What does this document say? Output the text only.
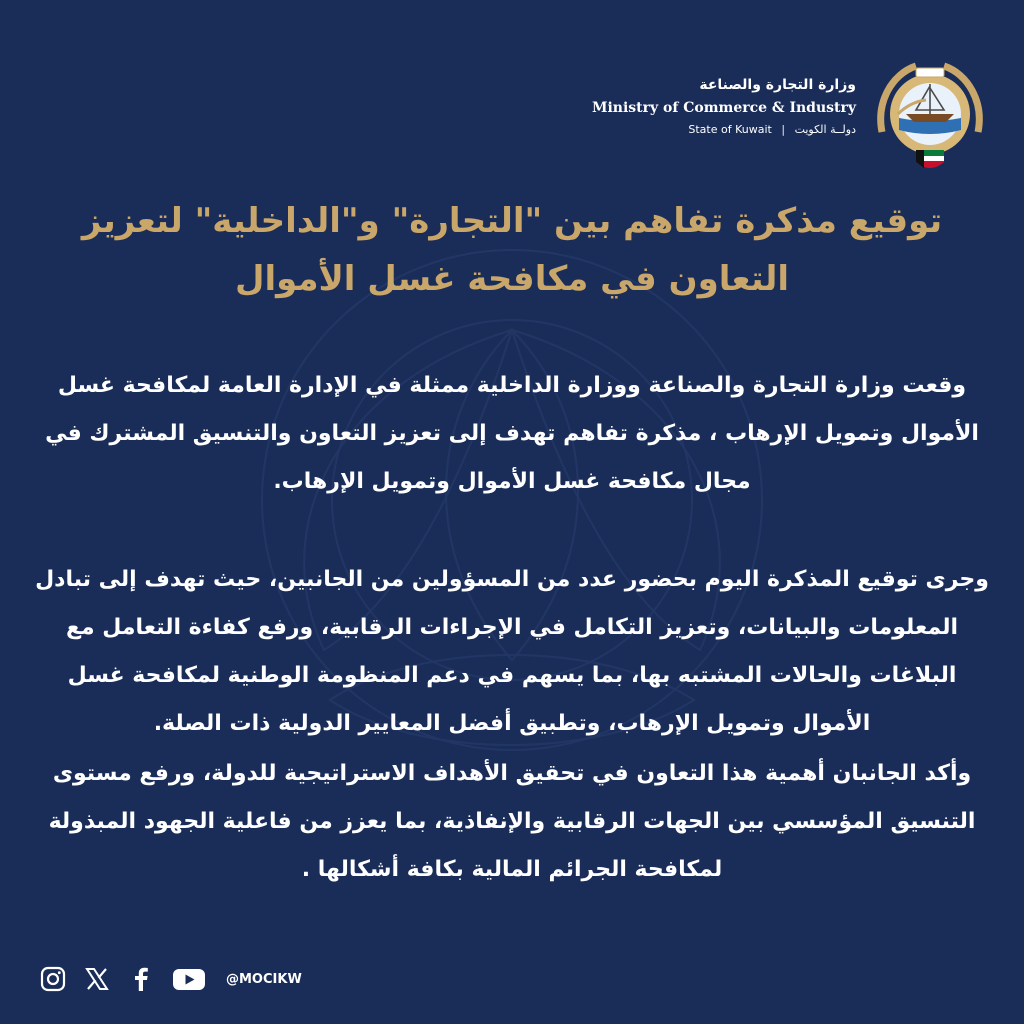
وزارة التجارة والصناعة
Ministry of Commerce & Industry
State of Kuwait | دولــة الكويت
توقيع مذكرة تفاهم بين "التجارة" و"الداخلية" لتعزيز
التعاون في مكافحة غسل الأموال

وقعت وزارة التجارة والصناعة ووزارة الداخلية ممثلة في الإدارة العامة لمكافحة غسل الأموال وتمويل الإرهاب ، مذكرة تفاهم تهدف إلى تعزيز التعاون والتنسيق المشترك في مجال مكافحة غسل الأموال وتمويل الإرهاب.

وجرى توقيع المذكرة اليوم بحضور عدد من المسؤولين من الجانبين، حيث تهدف إلى تبادل المعلومات والبيانات، وتعزيز التكامل في الإجراءات الرقابية، ورفع كفاءة التعامل مع البلاغات والحالات المشتبه بها، بما يسهم في دعم المنظومة الوطنية لمكافحة غسل الأموال وتمويل الإرهاب، وتطبيق أفضل المعايير الدولية ذات الصلة.

وأكد الجانبان أهمية هذا التعاون في تحقيق الأهداف الاستراتيجية للدولة، ورفع مستوى التنسيق المؤسسي بين الجهات الرقابية والإنفاذية، بما يعزز من فاعلية الجهود المبذولة لمكافحة الجرائم المالية بكافة أشكالها .

@MOCIKW
